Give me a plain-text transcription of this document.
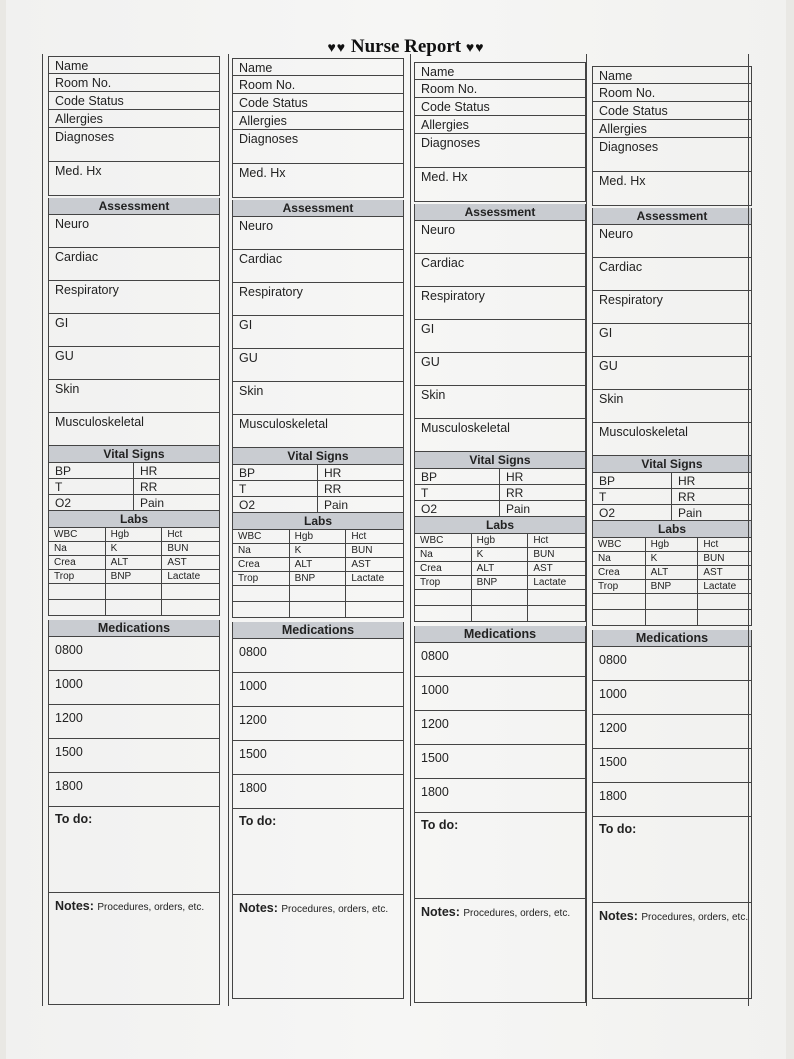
♥♥ Nurse Report ♥♥
Name
Room No.
Code Status
Allergies
Diagnoses
Med. Hx
Assessment
Neuro
Cardiac
Respiratory
GI
GU
Skin
Musculoskeletal
Vital Signs
BP	HR
T	RR
O2	Pain
Labs
WBC	Hgb	Hct
Na	K	BUN
Crea	ALT	AST
Trop	BNP	Lactate
Medications
0800
1000
1200
1500
1800
To do:
Notes: Procedures, orders, etc.
Name
Room No.
Code Status
Allergies
Diagnoses
Med. Hx
Assessment
Neuro
Cardiac
Respiratory
GI
GU
Skin
Musculoskeletal
Vital Signs
BP	HR
T	RR
O2	Pain
Labs
WBC	Hgb	Hct
Na	K	BUN
Crea	ALT	AST
Trop	BNP	Lactate
Medications
0800
1000
1200
1500
1800
To do:
Notes: Procedures, orders, etc.
Name
Room No.
Code Status
Allergies
Diagnoses
Med. Hx
Assessment
Neuro
Cardiac
Respiratory
GI
GU
Skin
Musculoskeletal
Vital Signs
BP	HR
T	RR
O2	Pain
Labs
WBC	Hgb	Hct
Na	K	BUN
Crea	ALT	AST
Trop	BNP	Lactate
Medications
0800
1000
1200
1500
1800
To do:
Notes: Procedures, orders, etc.
Name
Room No.
Code Status
Allergies
Diagnoses
Med. Hx
Assessment
Neuro
Cardiac
Respiratory
GI
GU
Skin
Musculoskeletal
Vital Signs
BP	HR
T	RR
O2	Pain
Labs
WBC	Hgb	Hct
Na	K	BUN
Crea	ALT	AST
Trop	BNP	Lactate
Medications
0800
1000
1200
1500
1800
To do:
Notes: Procedures, orders, etc.
